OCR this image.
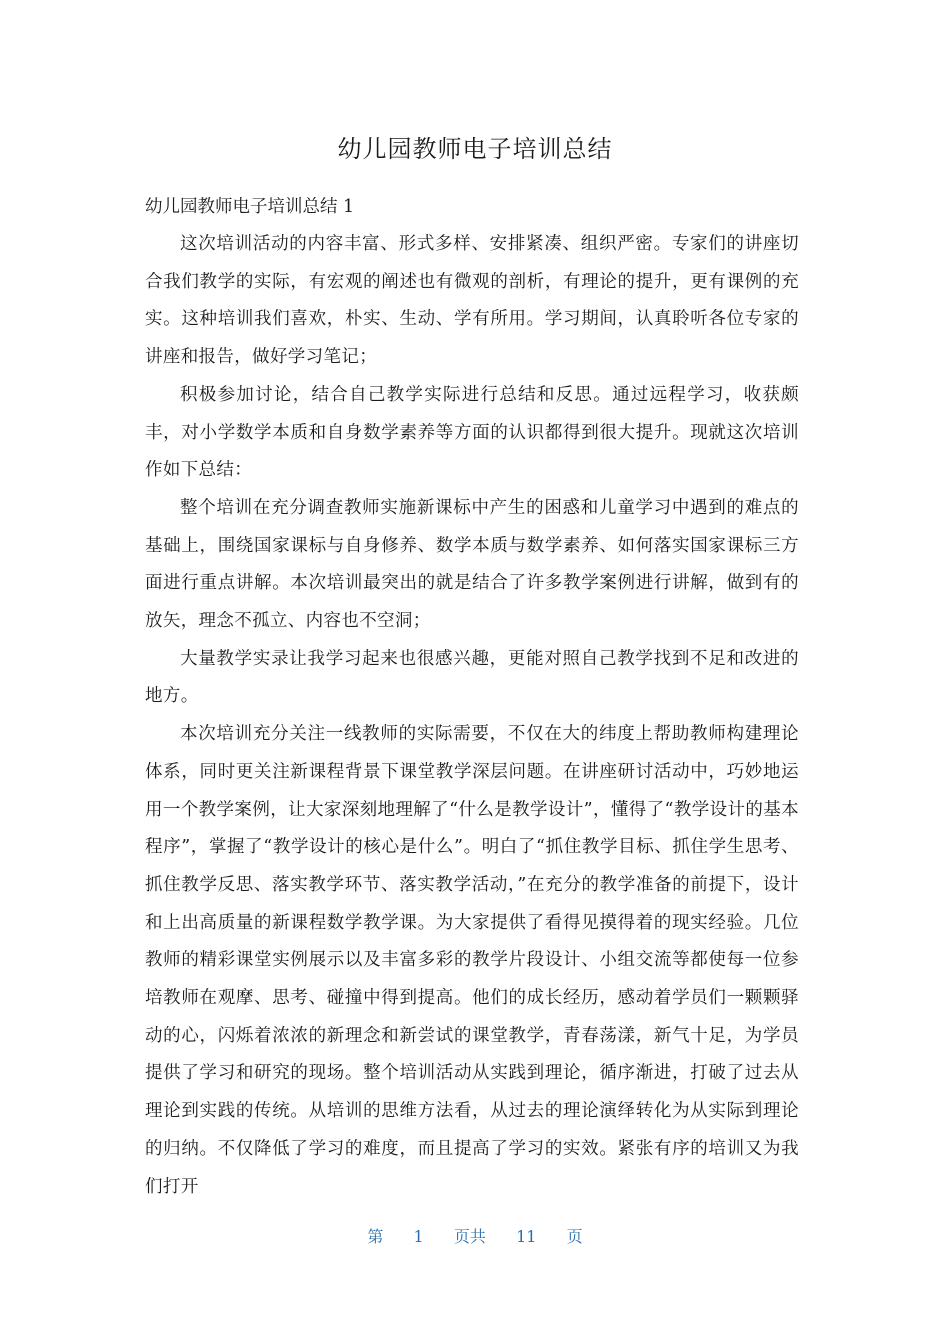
幼儿园教师电子培训总结
幼儿园教师电子培训总结 1

这次培训活动的内容丰富、形式多样、安排紧凑、组织严密。专家们的讲座切合我们教学的实际，有宏观的阐述也有微观的剖析，有理论的提升，更有课例的充实。这种培训我们喜欢，朴实、生动、学有所用。学习期间，认真聆听各位专家的讲座和报告，做好学习笔记；

积极参加讨论，结合自己教学实际进行总结和反思。通过远程学习，收获颇丰，对小学数学本质和自身数学素养等方面的认识都得到很大提升。现就这次培训作如下总结：

整个培训在充分调查教师实施新课标中产生的困惑和儿童学习中遇到的难点的基础上，围绕国家课标与自身修养、数学本质与数学素养、如何落实国家课标三方面进行重点讲解。本次培训最突出的就是结合了许多教学案例进行讲解，做到有的放矢，理念不孤立、内容也不空洞；

大量教学实录让我学习起来也很感兴趣，更能对照自己教学找到不足和改进的地方。

本次培训充分关注一线教师的实际需要，不仅在大的纬度上帮助教师构建理论体系，同时更关注新课程背景下课堂教学深层问题。在讲座研讨活动中，巧妙地运用一个教学案例，让大家深刻地理解了“什么是教学设计”，懂得了“教学设计的基本程序”，掌握了“教学设计的核心是什么”。明白了“抓住教学目标、抓住学生思考、抓住教学反思、落实教学环节、落实教学活动，”在充分的教学准备的前提下，设计和上出高质量的新课程数学教学课。为大家提供了看得见摸得着的现实经验。几位教师的精彩课堂实例展示以及丰富多彩的教学片段设计、小组交流等都使每一位参培教师在观摩、思考、碰撞中得到提高。他们的成长经历，感动着学员们一颗颗驿动的心，闪烁着浓浓的新理念和新尝试的课堂教学，青春荡漾，新气十足，为学员提供了学习和研究的现场。整个培训活动从实践到理论，循序渐进，打破了过去从理论到实践的传统。从培训的思维方法看，从过去的理论演绎转化为从实际到理论的归纳。不仅降低了学习的难度，而且提高了学习的实效。紧张有序的培训又为我们打开

第  1  页共  11  页
